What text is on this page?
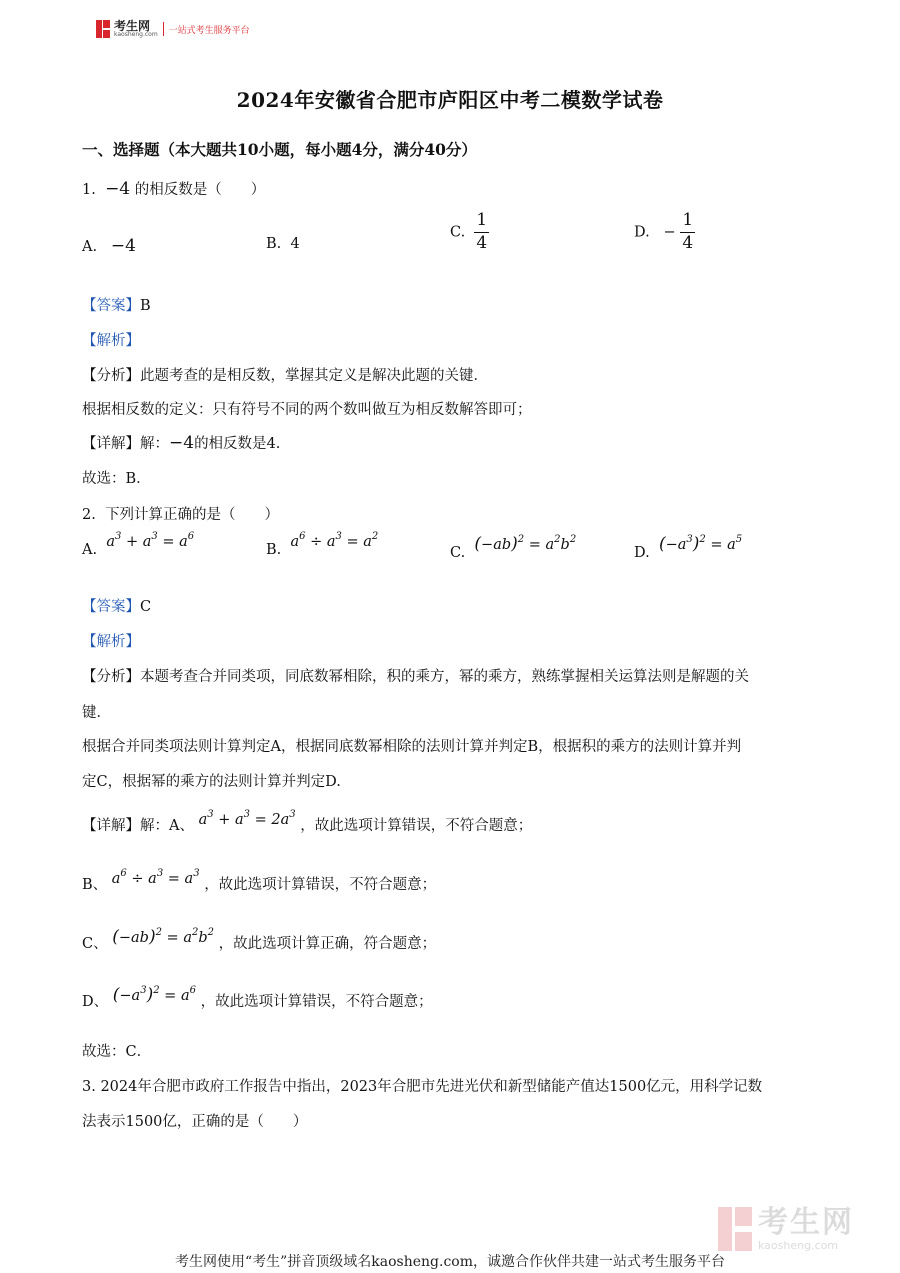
考生网
kaosheng.com 一站式考生服务平台
2024年安徽省合肥市庐阳区中考二模数学试卷
一、选择题（本大题共10小题，每小题4分，满分40分）
1. −4 的相反数是（　　）
A. −4	B. 4
C. $\frac{1}{4}$	D. − $\frac{1}{4}$
【答案】B
【解析】
【分析】此题考查的是相反数，掌握其定义是解决此题的关键．
根据相反数的定义：只有符号不同的两个数叫做互为相反数解答即可；
【详解】解：−4的相反数是4.
故选：B．
2. 下列计算正确的是（　　）
A. $a^3 + a^3 = a^6$
B. $a^6 \div a^3 = a^2$
C. $(-ab)^2 = a^2b^2$
D. $(-a^3)^2 = a^5$
【答案】C
【解析】
【分析】本题考查合并同类项，同底数幂相除，积的乘方，幂的乘方，熟练掌握相关运算法则是解题的关
键．
根据合并同类项法则计算判定A，根据同底数幂相除的法则计算并判定B，根据积的乘方的法则计算并判
定C，根据幂的乘方的法则计算并判定D.
【详解】解：A、 $a^3 + a^3 = 2a^3$ ，故此选项计算错误，不符合题意；
B、 $a^6 \div a^3 = a^3$ ，故此选项计算错误，不符合题意；
C、 $(-ab)^2 = a^2b^2$ ，故此选项计算正确，符合题意；
D、 $(-a^3)^2 = a^6$ ，故此选项计算错误，不符合题意；
故选：C．
3. 2024年合肥市政府工作报告中指出，2023年合肥市先进光伏和新型储能产值达1500亿元，用科学记数
法表示1500亿，正确的是（　　）
考生网
kaosheng.com
考生网使用“考生”拼音顶级域名kaosheng.com，诚邀合作伙伴共建一站式考生服务平台
